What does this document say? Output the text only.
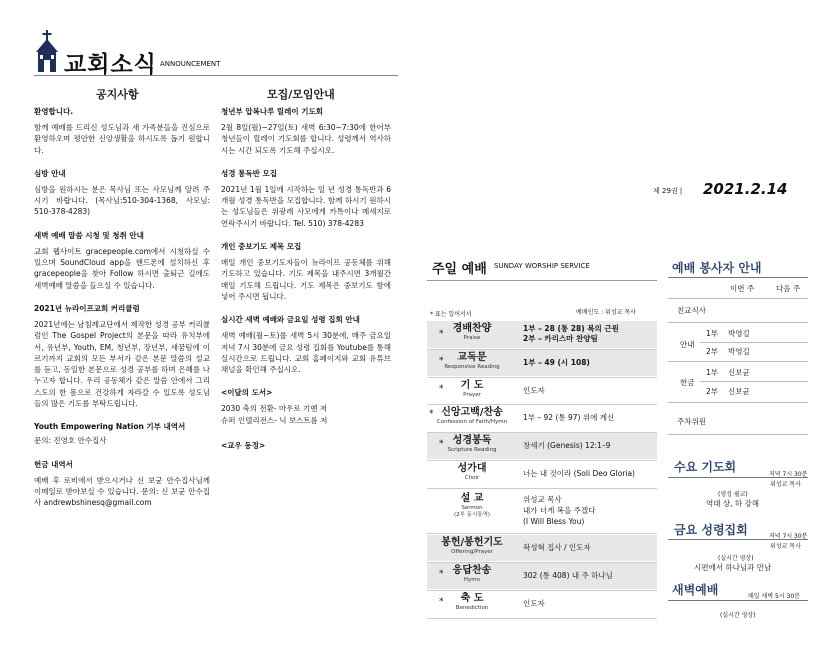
교회소식 ANNOUNCEMENT
공지사항
환영합니다.
함께 예배를 드리신 성도님과 새 가족분들을 진심으로 환영하오며 평안한 신앙생활을 하시도록 돕기 원합니다.
심방 안내
심방을 원하시는 분은 목사님 또는 사모님께 알려 주시기 바랍니다. (목사님:510-304-1368, 사모님: 510-378-4283)
새벽 예배 말씀 시청 및 청취 안내
교회 웹사이트 gracepeople.com에서 시청하실 수 있으며 SoundCloud app을 핸드폰에 설치하신 후 gracepeople을 찾아 Follow 하시면 출퇴근 길에도 새벽예배 말씀을 들으실 수 있습니다.
2021년 뉴라이프교회 커리큘럼
2021년에는 남침례교단에서 제작한 성경 공부 커리큘럼인 The Gospel Project의 본문을 따라 유치부에서, 유년부, Youth, EM, 청년부, 장년부, 새꿈팀에 이르기까지 교회의 모든 부서가 같은 본문 말씀의 설교를 듣고, 동일한 본문으로 성경 공부를 하며 은혜를 나누고자 합니다. 우리 공동체가 같은 말씀 안에서 그리스도의 한 몸으로 건강하게 자라갈 수 있도록 성도님들의 많은 기도를 부탁드립니다.
Youth Empowering Nation 기부 내역서
문의: 진영호 안수집사
헌금 내역서
예배 후 로비에서 받으시거나 신 보균 안수집사님께 이메일로 받아보실 수 있습니다. 문의: 신 보균 안수집사 andrewbshinesq@gmail.com
모집/모임안내
청년부 압복나루 릴레이 기도회
2월 8일(월)~27일(토) 새벽 6:30~7:30에 한어부 청년들이 릴레이 기도회를 합니다. 성령께서 역사하시는 시간 되도록 기도해 주십시오.
성경 통독반 모집
2021년 1월 1일에 시작하는 일 년 성경 통독반과 6개월 성경 통독반을 모집합니다. 함께 하시기 원하시는 성도님들은 위광례 사모에게 카톡이나 메세지로 연락주시기 바랍니다. Tel. 510) 378-4283
개인 중보기도 제목 모집
매일 개인 중보기도자들이 뉴라이프 공동체를 위해 기도하고 있습니다. 기도 제목을 내주시면 3개월간 매일 기도해 드립니다. 기도 제목은 중보기도 함에 넣어 주시면 됩니다.
실시간 새벽 예배와 금요일 성령 집회 안내
새벽 예배(월~토)를 새벽 5시 30분에, 매주 금요일 저녁 7시 30분에 금요 성령 집회를 Youtube를 통해 실시간으로 드립니다. 교회 홈페이지와 교회 유튜브 채널을 확인해 주십시오.
<이달의 도서>
2030 축의 전환- 마우로 기옌 저
슈퍼 인텔리전스- 닉 보스트롬 저
<교우 동정>
제 29권 | 2021.2.14
주일 예배 SUNDAY WORSHIP SERVICE
* 표는 일어서서	예배인도 : 위성교 목사
* 경배찬양
Praise
1부 – 28 (통 28) 복의 근원
2부 – 카리스마 찬양팀
*	교독문
Responsive Reading	1부 – 49 (시 108)
*	기 도
Prayer	인도자
* 신앙고백/찬송
Confession of Faith/Hymn	1부 – 92 (통 97) 위에 계신
* 성경봉독
Scripture Reading	창세기 (Genesis) 12:1–9
성가대
Choir	너는 내 것이라 (Soli Deo Gloria)
설 교
Sermon
(2부 동시통역)
위성교 목사
내가 너게 복을 주겠다
(I Will Bless You)
봉헌/봉헌기도
Offering/Prayer	곽성혁 집사 / 인도자
* 응답찬송
Hymn	302 (통 408) 내 주 하나님
*	축 도
Benediction	인도자
예배 봉사자 안내
이번 주	다음 주
친교식사
안내
1부 박영길
2부 박영길
헌금
1부 신보균
2부 신보균
주차위원
수요 기도회
저녁 7시 30분
위성교 목사
(영성 쉴교)
역대 상, 하 강해
금요 성령집회	저녁 7시 30분
위성교 목사
(실시간 영상)
시편에서 하나님과 만남
새벽예배	매일 새벽 5시 30분
(실시간 영상)
